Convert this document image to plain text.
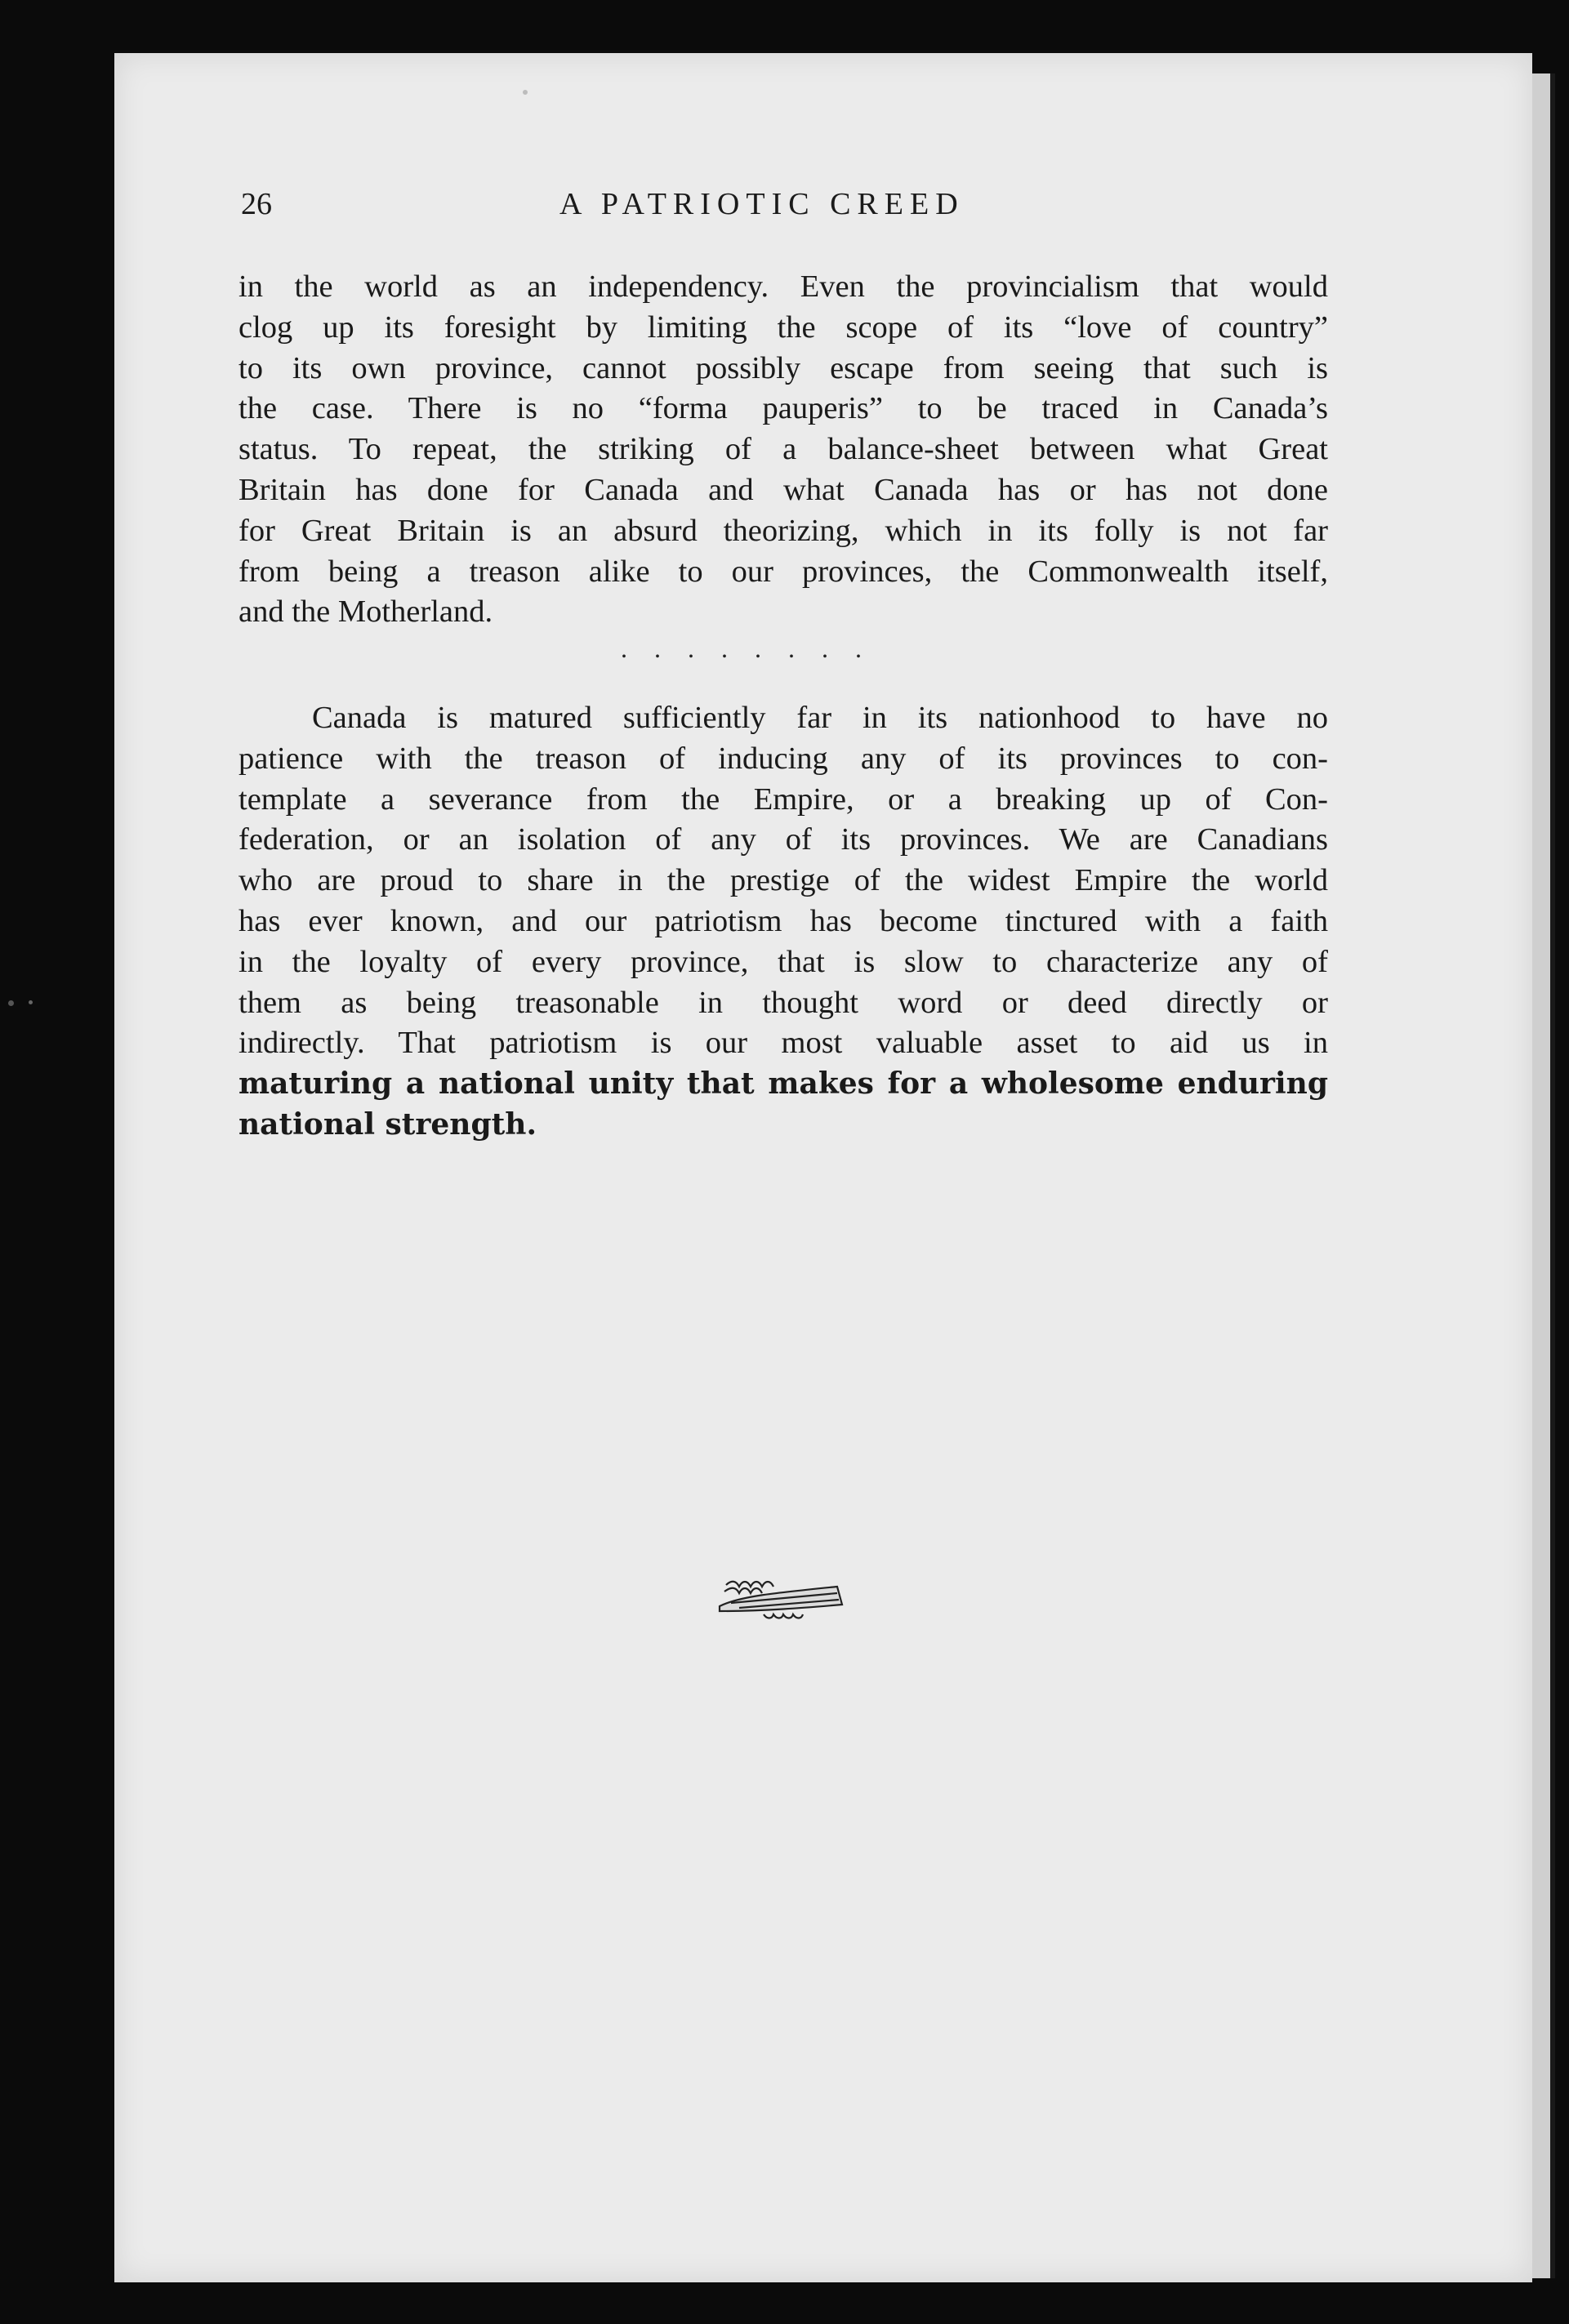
26	A PATRIOTIC CREED
in the world as an independency. Even the provincialism that would
clog up its foresight by limiting the scope of its “love of country”
to its own province, cannot possibly escape from seeing that such is
the case. There is no “forma pauperis” to be traced in Canada’s
status. To repeat, the striking of a balance-sheet between what Great
Britain has done for Canada and what Canada has or has not done
for Great Britain is an absurd theorizing, which in its folly is not far
from being a treason alike to our provinces, the Commonwealth itself,
and the Motherland.
........
Canada is matured sufficiently far in its nationhood to have no
patience with the treason of inducing any of its provinces to con-
template a severance from the Empire, or a breaking up of Con-
federation, or an isolation of any of its provinces. We are Canadians
who are proud to share in the prestige of the widest Empire the world
has ever known, and our patriotism has become tinctured with a faith
in the loyalty of every province, that is slow to characterize any of
them as being treasonable in thought word or deed directly or
indirectly. That patriotism is our most valuable asset to aid us in
maturing a national unity that makes for a wholesome enduring
national strength.
